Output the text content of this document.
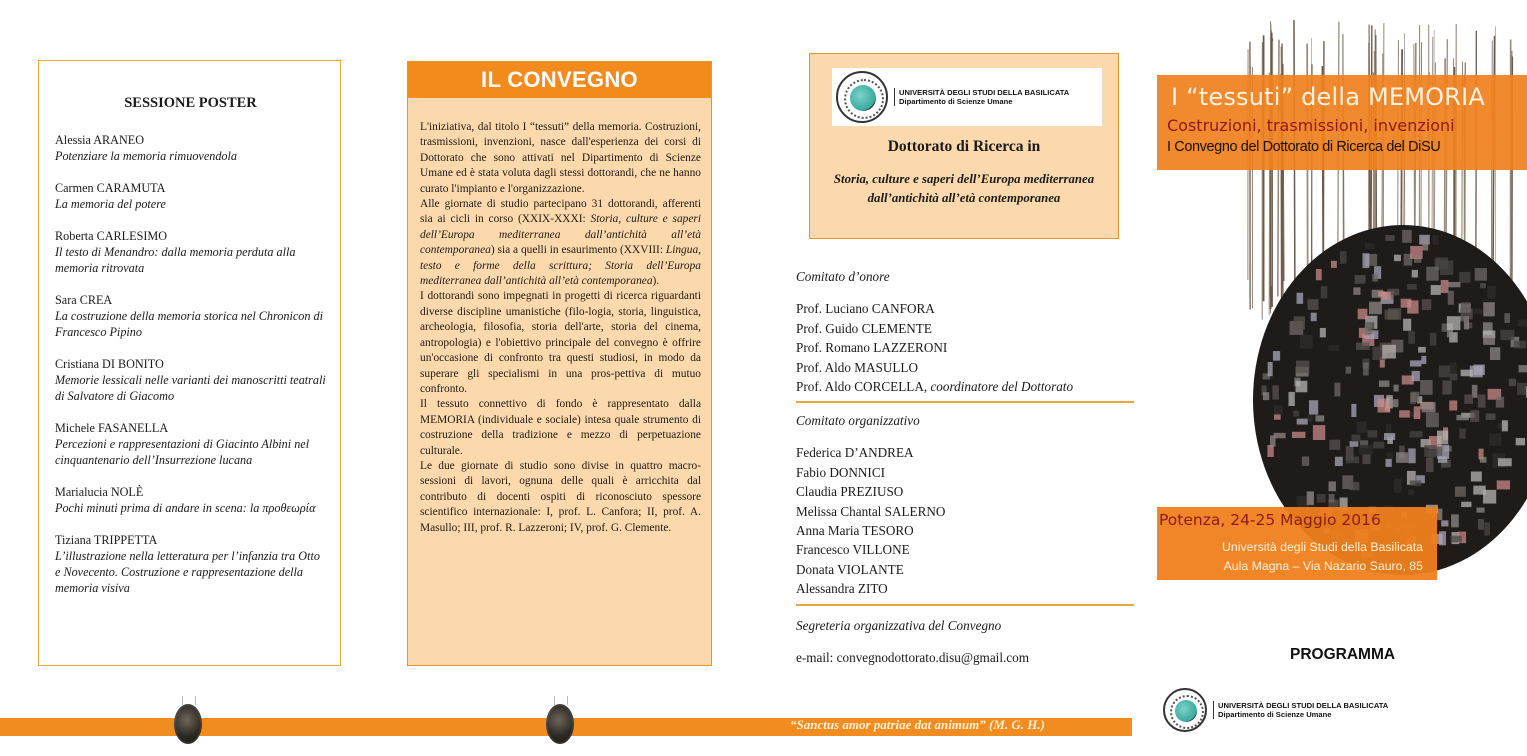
SESSIONE POSTER
Alessia ARANEO
Potenziare la memoria rimuovendola
Carmen CARAMUTA
La memoria del potere
Roberta CARLESIMO
Il testo di Menandro: dalla memoria perduta alla memoria ritrovata
Sara CREA
La costruzione della memoria storica nel Chronicon di Francesco Pipino
Cristiana DI BONITO
Memorie lessicali nelle varianti dei manoscritti teatrali di Salvatore di Giacomo
Michele FASANELLA
Percezioni e rappresentazioni di Giacinto Albini nel cinquantenario dell’Insurrezione lucana
Marialucia NOLÈ
Pochi minuti prima di andare in scena: la προθεωρία
Tiziana TRIPPETTA
L’illustrazione nella letteratura per l’infanzia tra Otto e Novecento. Costruzione e rappresentazione della memoria visiva
IL CONVEGNO

L'iniziativa, dal titolo I “tessuti” della memoria. Costruzioni, trasmissioni, invenzioni, nasce dall'esperienza dei corsi di Dottorato che sono attivati nel Dipartimento di Scienze Umane ed è stata voluta dagli stessi dottorandi, che ne hanno curato l'impianto e l'organizzazione.

Alle giornate di studio partecipano 31 dottorandi, afferenti sia ai cicli in corso (XXIX-XXXI: Storia, culture e saperi dell’Europa mediterranea dall’antichità all’età contemporanea) sia a quelli in esaurimento (XXVIII: Lingua, testo e forme della scrittura; Storia dell’Europa mediterranea dall’antichità all’età contemporanea).

I dottorandi sono impegnati in progetti di ricerca riguardanti diverse discipline umanistiche (filo-logia, storia, linguistica, archeologia, filosofia, storia dell'arte, storia del cinema, antropologia) e l'obiettivo principale del convegno è offrire un'occasione di confronto tra questi studiosi, in modo da superare gli specialismi in una pros-pettiva di mutuo confronto.

Il tessuto connettivo di fondo è rappresentato dalla MEMORIA (individuale e sociale) intesa quale strumento di costruzione della tradizione e mezzo di perpetuazione culturale.

Le due giornate di studio sono divise in quattro macro-sessioni di lavori, ognuna delle quali è arricchita dal contributo di docenti ospiti di riconosciuto spessore scientifico internazionale: I, prof. L. Canfora; II, prof. A. Masullo; III, prof. R. Lazzeroni; IV, prof. G. Clemente.

UNIVERSITÀ DEGLI STUDI DELLA BASILICATA
Dipartimento di Scienze Umane
Dottorato di Ricerca in
Storia, culture e saperi dell’Europa mediterranea dall’antichità all’età contemporanea
Comitato d’onore
Prof. Luciano CANFORA
Prof. Guido CLEMENTE
Prof. Romano LAZZERONI
Prof. Aldo MASULLO
Prof. Aldo CORCELLA, coordinatore del Dottorato
Comitato organizzativo
Federica D’ANDREA
Fabio DONNICI
Claudia PREZIUSO
Melissa Chantal SALERNO
Anna Maria TESORO
Francesco VILLONE
Donata VIOLANTE
Alessandra ZITO
Segreteria organizzativa del Convegno
e-mail: convegnodottorato.disu@gmail.com
I “tessuti” della MEMORIA
Costruzioni, trasmissioni, invenzioni
I Convegno del Dottorato di Ricerca del DiSU
Potenza, 24-25 Maggio 2016
Università degli Studi della Basilicata
Aula Magna – Via Nazario Sauro, 85
PROGRAMMA
UNIVERSITÀ DEGLI STUDI DELLA BASILICATA
Dipartimento di Scienze Umane
“Sanctus amor patriae dat animum” (M. G. H.)
